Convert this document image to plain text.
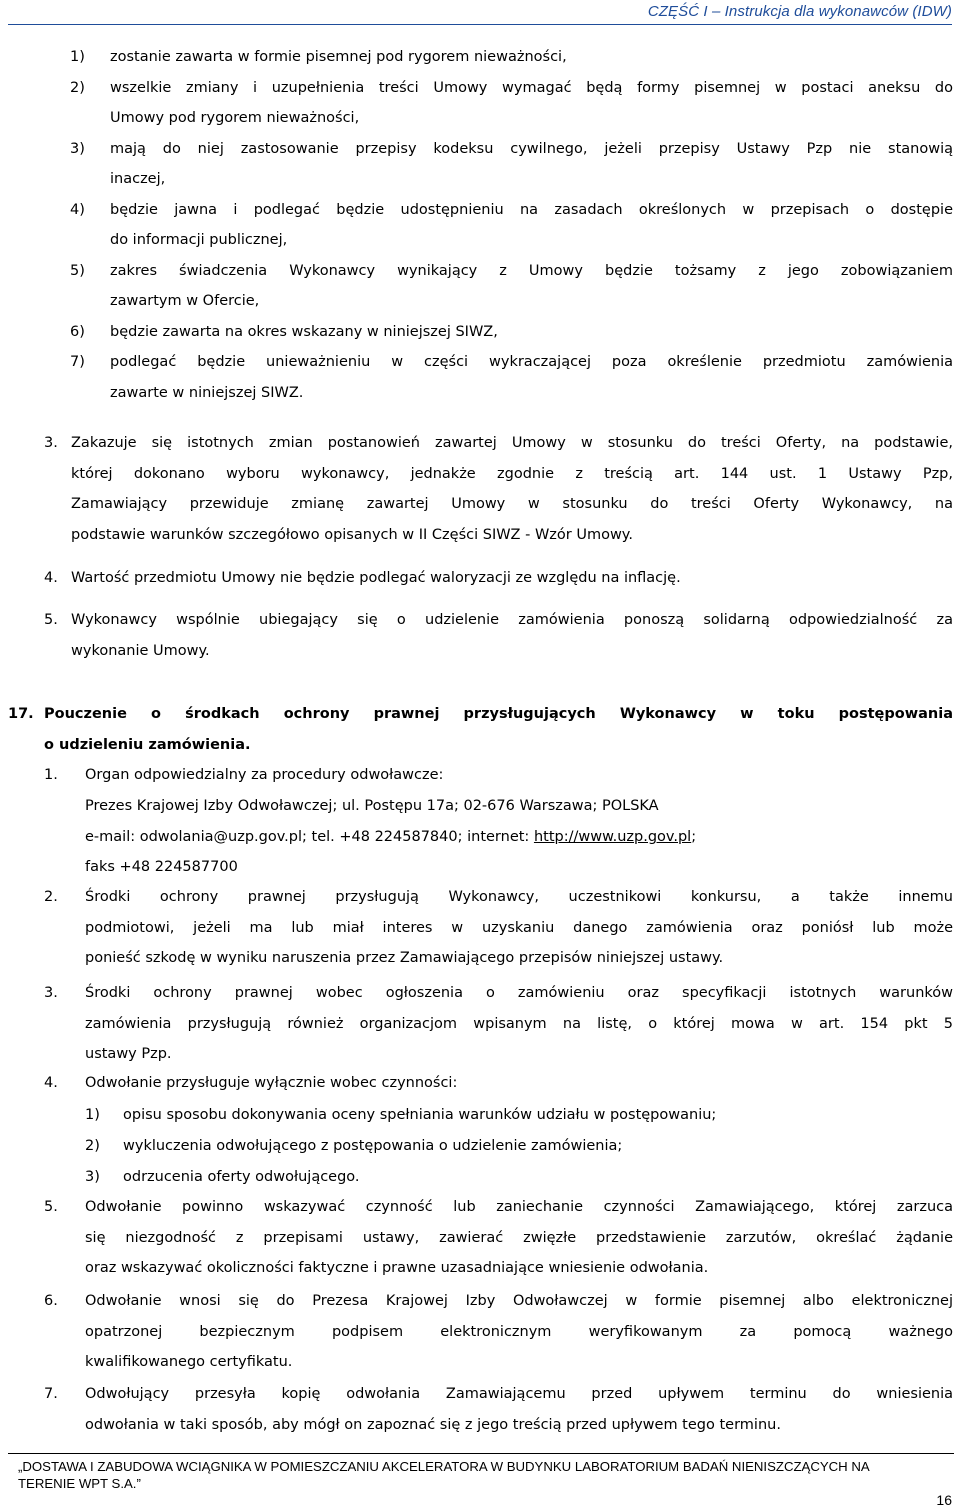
CZĘŚĆ I – Instrukcja dla wykonawców (IDW)
1) zostanie zawarta w formie pisemnej pod rygorem nieważności,
2) wszelkie zmiany i uzupełnienia treści Umowy wymagać będą formy pisemnej w postaci aneksu do
Umowy pod rygorem nieważności,
3) mają do niej zastosowanie przepisy kodeksu cywilnego, jeżeli przepisy Ustawy Pzp nie stanowią
inaczej,
4) będzie jawna i podlegać będzie udostępnieniu na zasadach określonych w przepisach o dostępie
do informacji publicznej,
5) zakres świadczenia Wykonawcy wynikający z Umowy będzie tożsamy z jego zobowiązaniem
zawartym w Ofercie,
6) będzie zawarta na okres wskazany w niniejszej SIWZ,
7) podlegać będzie unieważnieniu w części wykraczającej poza określenie przedmiotu zamówienia
zawarte w niniejszej SIWZ.
3. Zakazuje się istotnych zmian postanowień zawartej Umowy w stosunku do treści Oferty, na podstawie,
której dokonano wyboru wykonawcy, jednakże zgodnie z treścią art. 144 ust. 1 Ustawy Pzp,
Zamawiający przewiduje zmianę zawartej Umowy w stosunku do treści Oferty Wykonawcy, na
podstawie warunków szczegółowo opisanych w II Części SIWZ - Wzór Umowy.
4. Wartość przedmiotu Umowy nie będzie podlegać waloryzacji ze względu na inflację.
5. Wykonawcy wspólnie ubiegający się o udzielenie zamówienia ponoszą solidarną odpowiedzialność za
wykonanie Umowy.
17. Pouczenie o środkach ochrony prawnej przysługujących Wykonawcy w toku postępowania
o udzieleniu zamówienia.
1. Organ odpowiedzialny za procedury odwoławcze:
Prezes Krajowej Izby Odwoławczej; ul. Postępu 17a; 02-676 Warszawa; POLSKA
faks +48 224587700
2. Środki ochrony prawnej przysługują Wykonawcy, uczestnikowi konkursu, a także innemu
podmiotowi, jeżeli ma lub miał interes w uzyskaniu danego zamówienia oraz poniósł lub może
ponieść szkodę w wyniku naruszenia przez Zamawiającego przepisów niniejszej ustawy.
3. Środki ochrony prawnej wobec ogłoszenia o zamówieniu oraz specyfikacji istotnych warunków
zamówienia przysługują również organizacjom wpisanym na listę, o której mowa w art. 154 pkt 5
ustawy Pzp.
4. Odwołanie przysługuje wyłącznie wobec czynności:
5. Odwołanie powinno wskazywać czynność lub zaniechanie czynności Zamawiającego, której zarzuca
się niezgodność z przepisami ustawy, zawierać zwięzłe przedstawienie zarzutów, określać żądanie
oraz wskazywać okoliczności faktyczne i prawne uzasadniające wniesienie odwołania.
6. Odwołanie wnosi się do Prezesa Krajowej Izby Odwoławczej w formie pisemnej albo elektronicznej
opatrzonej bezpiecznym podpisem elektronicznym weryfikowanym za pomocą ważnego
kwalifikowanego certyfikatu.
7. Odwołujący przesyła kopię odwołania Zamawiającemu przed upływem terminu do wniesienia
odwołania w taki sposób, aby mógł on zapoznać się z jego treścią przed upływem tego terminu.
e-mail: odwolania@uzp.gov.pl; tel. +48 224587840; internet: http://www.uzp.gov.pl;
1) opisu sposobu dokonywania oceny spełniania warunków udziału w postępowaniu;
2) wykluczenia odwołującego z postępowania o udzielenie zamówienia;
3) odrzucenia oferty odwołującego.
„DOSTAWA I ZABUDOWA WCIĄGNIKA W POMIESZCZANIU AKCELERATORA W BUDYNKU LABORATORIUM BADAŃ NIENISZCZĄCYCH NA
TERENIE WPT S.A.”
16
